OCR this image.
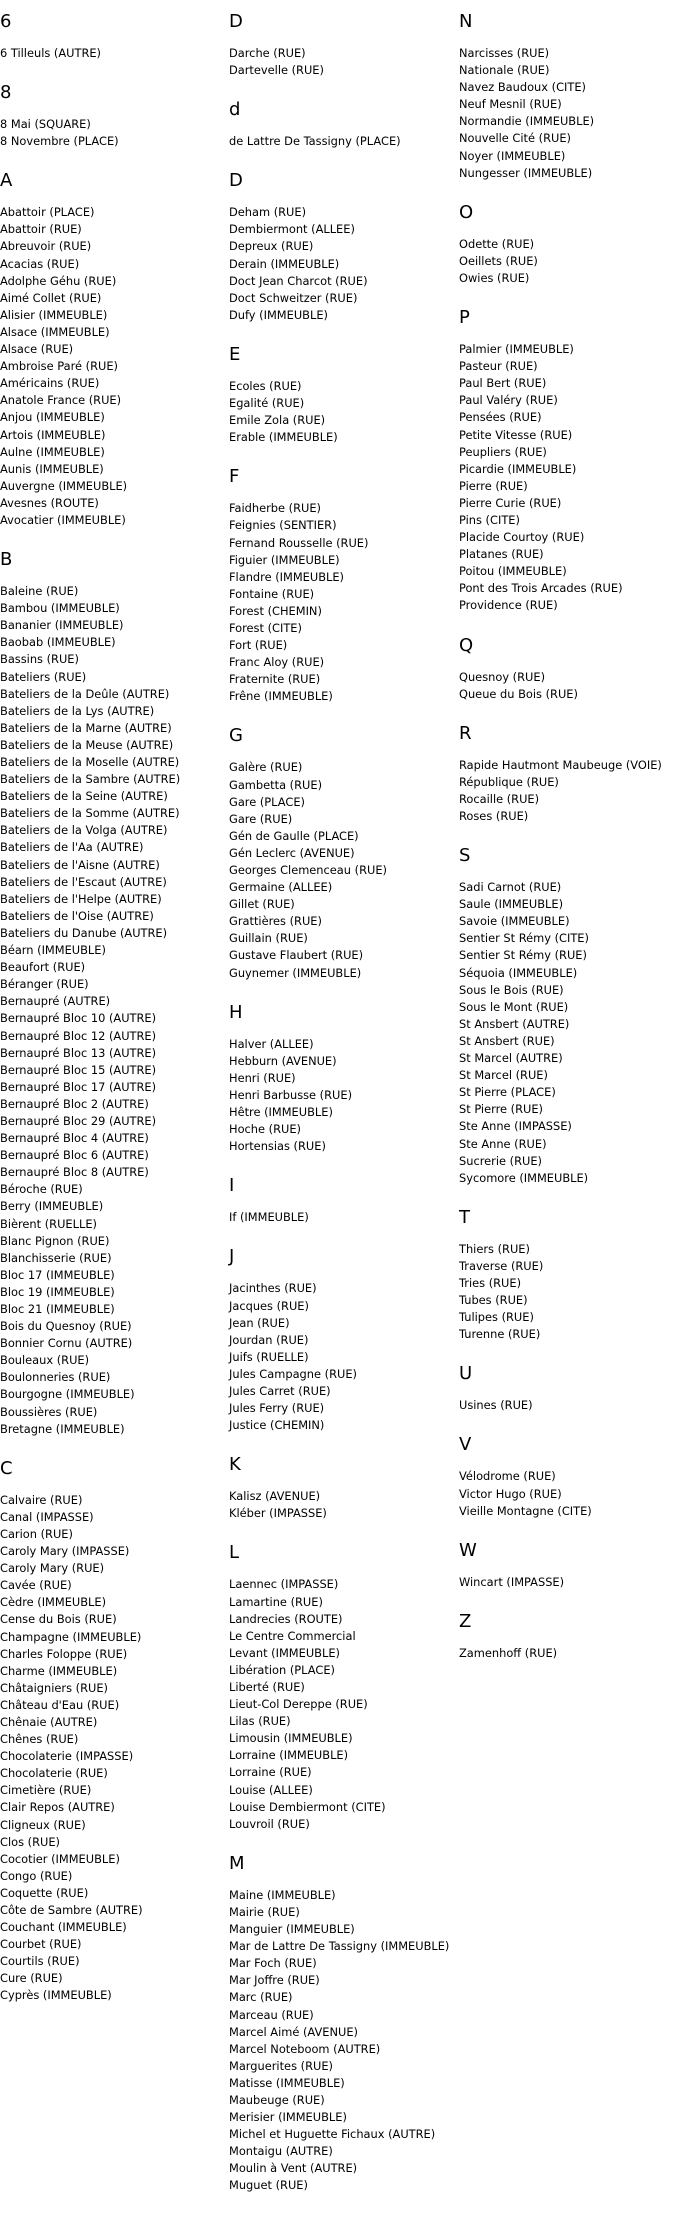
6
6 Tilleuls (AUTRE)
8
8 Mai (SQUARE)
8 Novembre (PLACE)
A
Abattoir (PLACE)
Abattoir (RUE)
Abreuvoir (RUE)
Acacias (RUE)
Adolphe Géhu (RUE)
Aimé Collet (RUE)
Alisier (IMMEUBLE)
Alsace (IMMEUBLE)
Alsace (RUE)
Ambroise Paré (RUE)
Américains (RUE)
Anatole France (RUE)
Anjou (IMMEUBLE)
Artois (IMMEUBLE)
Aulne (IMMEUBLE)
Aunis (IMMEUBLE)
Auvergne (IMMEUBLE)
Avesnes (ROUTE)
Avocatier (IMMEUBLE)
B
Baleine (RUE)
Bambou (IMMEUBLE)
Bananier (IMMEUBLE)
Baobab (IMMEUBLE)
Bassins (RUE)
Bateliers (RUE)
Bateliers de la Deûle (AUTRE)
Bateliers de la Lys (AUTRE)
Bateliers de la Marne (AUTRE)
Bateliers de la Meuse (AUTRE)
Bateliers de la Moselle (AUTRE)
Bateliers de la Sambre (AUTRE)
Bateliers de la Seine (AUTRE)
Bateliers de la Somme (AUTRE)
Bateliers de la Volga (AUTRE)
Bateliers de l'Aa (AUTRE)
Bateliers de l'Aisne (AUTRE)
Bateliers de l'Escaut (AUTRE)
Bateliers de l'Helpe (AUTRE)
Bateliers de l'Oise (AUTRE)
Bateliers du Danube (AUTRE)
Béarn (IMMEUBLE)
Beaufort (RUE)
Béranger (RUE)
Bernaupré (AUTRE)
Bernaupré Bloc 10 (AUTRE)
Bernaupré Bloc 12 (AUTRE)
Bernaupré Bloc 13 (AUTRE)
Bernaupré Bloc 15 (AUTRE)
Bernaupré Bloc 17 (AUTRE)
Bernaupré Bloc 2 (AUTRE)
Bernaupré Bloc 29 (AUTRE)
Bernaupré Bloc 4 (AUTRE)
Bernaupré Bloc 6 (AUTRE)
Bernaupré Bloc 8 (AUTRE)
Béroche (RUE)
Berry (IMMEUBLE)
Bièrent (RUELLE)
Blanc Pignon (RUE)
Blanchisserie (RUE)
Bloc 17 (IMMEUBLE)
Bloc 19 (IMMEUBLE)
Bloc 21 (IMMEUBLE)
Bois du Quesnoy (RUE)
Bonnier Cornu (AUTRE)
Bouleaux (RUE)
Boulonneries (RUE)
Bourgogne (IMMEUBLE)
Boussières (RUE)
Bretagne (IMMEUBLE)
C
Calvaire (RUE)
Canal (IMPASSE)
Carion (RUE)
Caroly Mary (IMPASSE)
Caroly Mary (RUE)
Cavée (RUE)
Cèdre (IMMEUBLE)
Cense du Bois (RUE)
Champagne (IMMEUBLE)
Charles Foloppe (RUE)
Charme (IMMEUBLE)
Châtaigniers (RUE)
Château d'Eau (RUE)
Chênaie (AUTRE)
Chênes (RUE)
Chocolaterie (IMPASSE)
Chocolaterie (RUE)
Cimetière (RUE)
Clair Repos (AUTRE)
Cligneux (RUE)
Clos (RUE)
Cocotier (IMMEUBLE)
Congo (RUE)
Coquette (RUE)
Côte de Sambre (AUTRE)
Couchant (IMMEUBLE)
Courbet (RUE)
Courtils (RUE)
Cure (RUE)
Cyprès (IMMEUBLE)
D
Darche (RUE)
Dartevelle (RUE)
d
de Lattre De Tassigny (PLACE)
D
Deham (RUE)
Dembiermont (ALLEE)
Depreux (RUE)
Derain (IMMEUBLE)
Doct Jean Charcot (RUE)
Doct Schweitzer (RUE)
Dufy (IMMEUBLE)
E
Ecoles (RUE)
Egalité (RUE)
Emile Zola (RUE)
Erable (IMMEUBLE)
F
Faidherbe (RUE)
Feignies (SENTIER)
Fernand Rousselle (RUE)
Figuier (IMMEUBLE)
Flandre (IMMEUBLE)
Fontaine (RUE)
Forest (CHEMIN)
Forest (CITE)
Fort (RUE)
Franc Aloy (RUE)
Fraternite (RUE)
Frêne (IMMEUBLE)
G
Galère (RUE)
Gambetta (RUE)
Gare (PLACE)
Gare (RUE)
Gén de Gaulle (PLACE)
Gén Leclerc (AVENUE)
Georges Clemenceau (RUE)
Germaine (ALLEE)
Gillet (RUE)
Grattières (RUE)
Guillain (RUE)
Gustave Flaubert (RUE)
Guynemer (IMMEUBLE)
H
Halver (ALLEE)
Hebburn (AVENUE)
Henri (RUE)
Henri Barbusse (RUE)
Hêtre (IMMEUBLE)
Hoche (RUE)
Hortensias (RUE)
I
If (IMMEUBLE)
J
Jacinthes (RUE)
Jacques (RUE)
Jean (RUE)
Jourdan (RUE)
Juifs (RUELLE)
Jules Campagne (RUE)
Jules Carret (RUE)
Jules Ferry (RUE)
Justice (CHEMIN)
K
Kalisz (AVENUE)
Kléber (IMPASSE)
L
Laennec (IMPASSE)
Lamartine (RUE)
Landrecies (ROUTE)
Le Centre Commercial
Levant (IMMEUBLE)
Libération (PLACE)
Liberté (RUE)
Lieut-Col Dereppe (RUE)
Lilas (RUE)
Limousin (IMMEUBLE)
Lorraine (IMMEUBLE)
Lorraine (RUE)
Louise (ALLEE)
Louise Dembiermont (CITE)
Louvroil (RUE)
M
Maine (IMMEUBLE)
Mairie (RUE)
Manguier (IMMEUBLE)
Mar de Lattre De Tassigny (IMMEUBLE)
Mar Foch (RUE)
Mar Joffre (RUE)
Marc (RUE)
Marceau (RUE)
Marcel Aimé (AVENUE)
Marcel Noteboom (AUTRE)
Marguerites (RUE)
Matisse (IMMEUBLE)
Maubeuge (RUE)
Merisier (IMMEUBLE)
Michel et Huguette Fichaux (AUTRE)
Montaigu (AUTRE)
Moulin à Vent (AUTRE)
Muguet (RUE)
N
Narcisses (RUE)
Nationale (RUE)
Navez Baudoux (CITE)
Neuf Mesnil (RUE)
Normandie (IMMEUBLE)
Nouvelle Cité (RUE)
Noyer (IMMEUBLE)
Nungesser (IMMEUBLE)
O
Odette (RUE)
Oeillets (RUE)
Owies (RUE)
P
Palmier (IMMEUBLE)
Pasteur (RUE)
Paul Bert (RUE)
Paul Valéry (RUE)
Pensées (RUE)
Petite Vitesse (RUE)
Peupliers (RUE)
Picardie (IMMEUBLE)
Pierre (RUE)
Pierre Curie (RUE)
Pins (CITE)
Placide Courtoy (RUE)
Platanes (RUE)
Poitou (IMMEUBLE)
Pont des Trois Arcades (RUE)
Providence (RUE)
Q
Quesnoy (RUE)
Queue du Bois (RUE)
R
Rapide Hautmont Maubeuge (VOIE)
République (RUE)
Rocaille (RUE)
Roses (RUE)
S
Sadi Carnot (RUE)
Saule (IMMEUBLE)
Savoie (IMMEUBLE)
Sentier St Rémy (CITE)
Sentier St Rémy (RUE)
Séquoia (IMMEUBLE)
Sous le Bois (RUE)
Sous le Mont (RUE)
St Ansbert (AUTRE)
St Ansbert (RUE)
St Marcel (AUTRE)
St Marcel (RUE)
St Pierre (PLACE)
St Pierre (RUE)
Ste Anne (IMPASSE)
Ste Anne (RUE)
Sucrerie (RUE)
Sycomore (IMMEUBLE)
T
Thiers (RUE)
Traverse (RUE)
Tries (RUE)
Tubes (RUE)
Tulipes (RUE)
Turenne (RUE)
U
Usines (RUE)
V
Vélodrome (RUE)
Victor Hugo (RUE)
Vieille Montagne (CITE)
W
Wincart (IMPASSE)
Z
Zamenhoff (RUE)
